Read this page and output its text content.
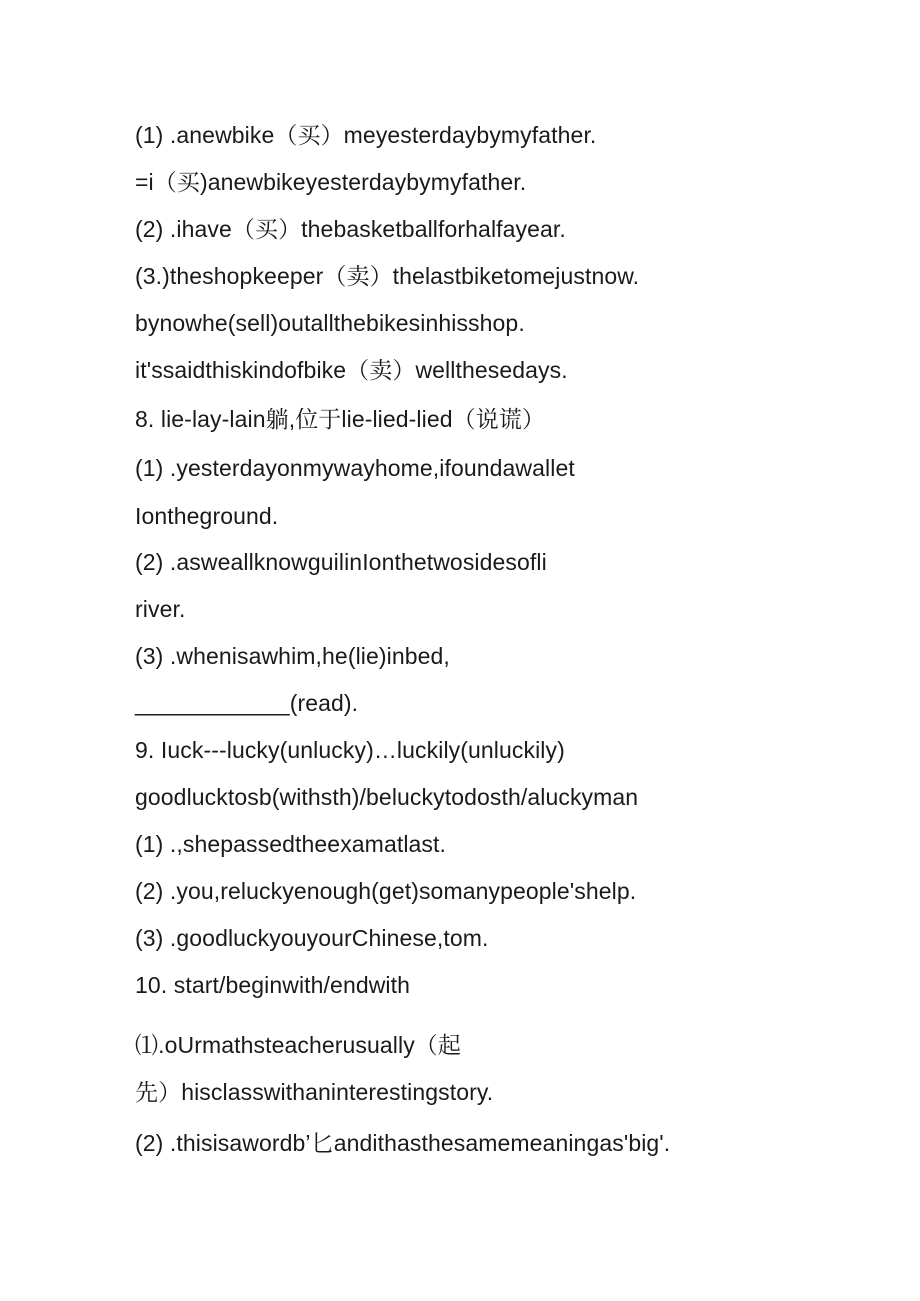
(1) .anewbike（买）meyesterdaybymyfather.
=i（买)anewbikeyesterdaybymyfather.
(2) .ihave（买）thebasketballforhalfayear.
(3.)theshopkeeper（卖）thelastbiketomejustnow.
bynowhe(sell)outallthebikesinhisshop.
it'ssaidthiskindofbike（卖）wellthesedays.
8. lie-lay-lain躺,位于lie-lied-lied（说谎）
(1) .yesterdayonmywayhome,ifoundawallet
Iontheground.
(2) .asweallknowguilinIonthetwosidesofli
river.
(3) .whenisawhim,he(lie)inbed,
____________(read).
9. Iuck---lucky(unlucky)…luckily(unluckily)
goodlucktosb(withsth)/beluckytodosth/aluckyman
(1) .,shepassedtheexamatlast.
(2) .you,reluckyenough(get)somanypeople'shelp.
(3) .goodluckyouyourChinese,tom.
10. start/beginwith/endwith
⑴.oUrmathsteacherusually（起
先）hisclasswithaninterestingstory.
(2) .thisisawordb’匕andithasthesamemeaningas'big'.
